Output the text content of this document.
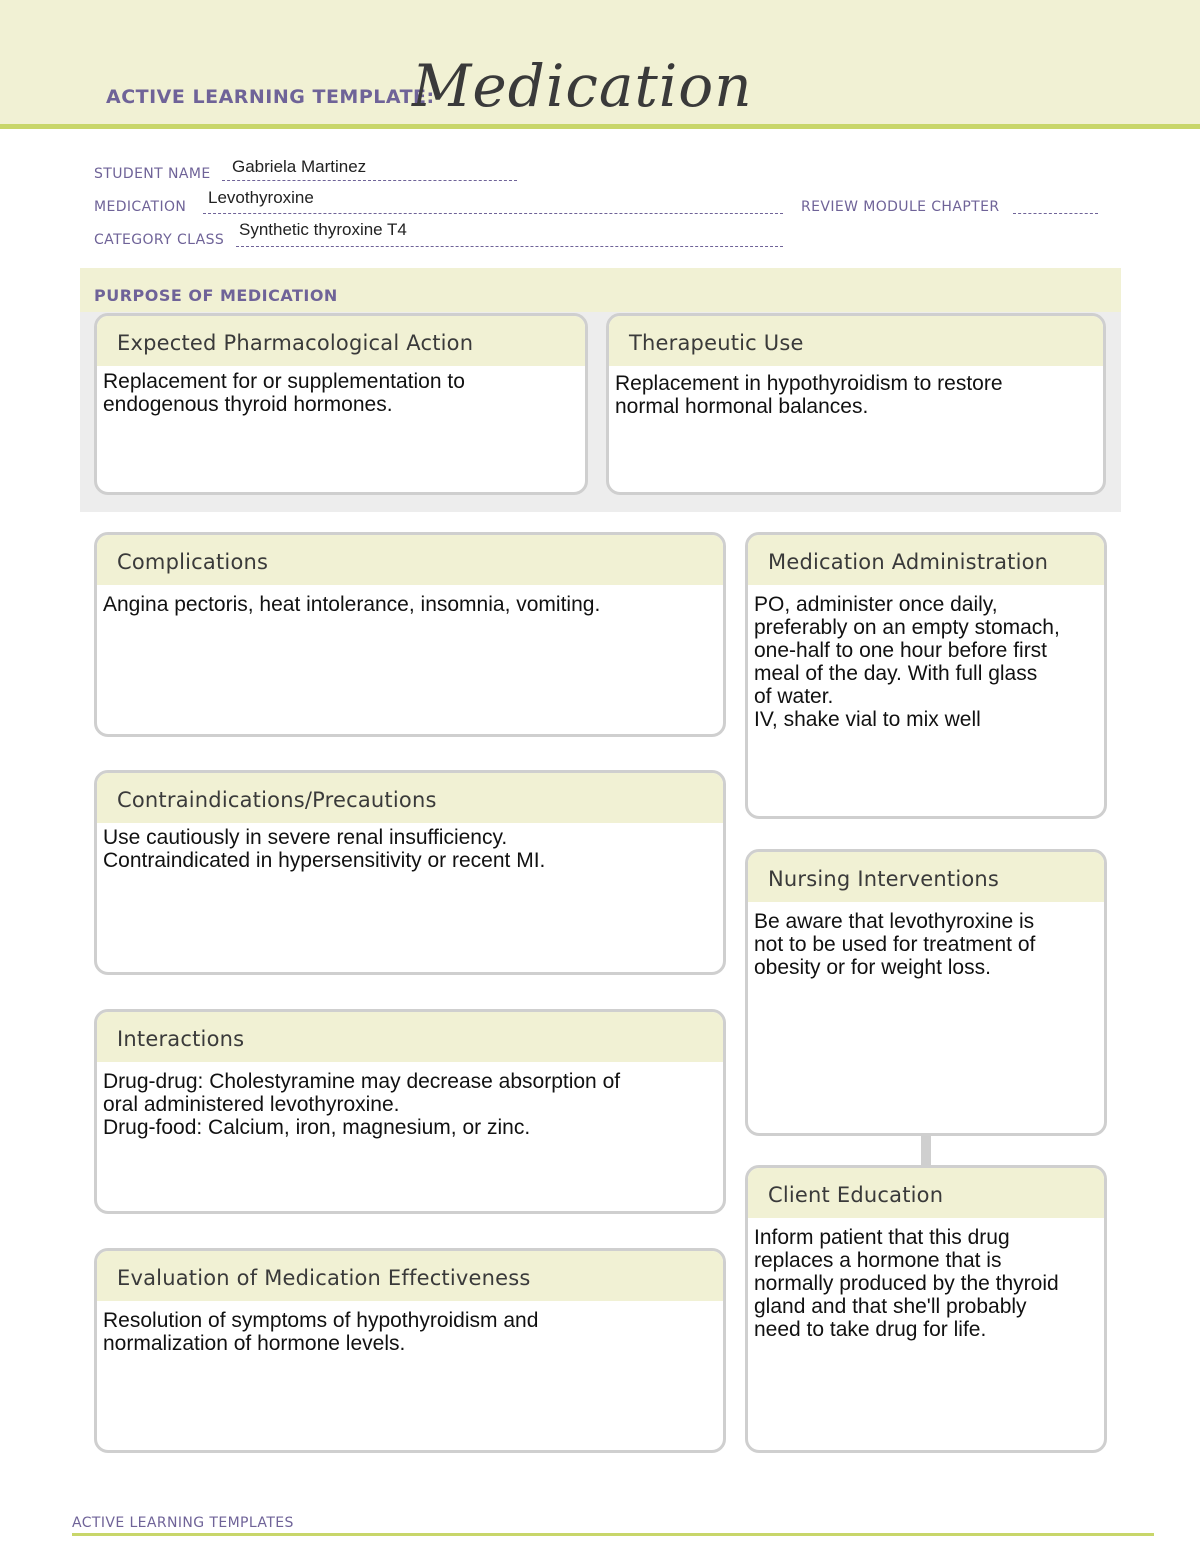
ACTIVE LEARNING TEMPLATE:
Medication
STUDENT NAME Gabriela Martinez
MEDICATION Levothyroxine	REVIEW MODULE CHAPTER
CATEGORY CLASS
Synthetic thyroxine T4
PURPOSE OF MEDICATION
Expected Pharmacological Action
Replacement for or supplementation to
endogenous thyroid hormones.
Therapeutic Use
Replacement in hypothyroidism to restore
normal hormonal balances.
Complications
Angina pectoris, heat intolerance, insomnia, vomiting.
Contraindications/Precautions
Use cautiously in severe renal insufficiency.
Contraindicated in hypersensitivity or recent MI.
Interactions
Drug-drug: Cholestyramine may decrease absorption of
oral administered levothyroxine.
Drug-food: Calcium, iron, magnesium, or zinc.
Evaluation of Medication Effectiveness
Resolution of symptoms of hypothyroidism and
normalization of hormone levels.
Medication Administration
PO, administer once daily,
preferably on an empty stomach,
one-half to one hour before first
meal of the day. With full glass
of water.
IV, shake vial to mix well
Nursing Interventions
Be aware that levothyroxine is
not to be used for treatment of
obesity or for weight loss.
Client Education
Inform patient that this drug
replaces a hormone that is
normally produced by the thyroid
gland and that she'll probably
need to take drug for life.
ACTIVE LEARNING TEMPLATES
